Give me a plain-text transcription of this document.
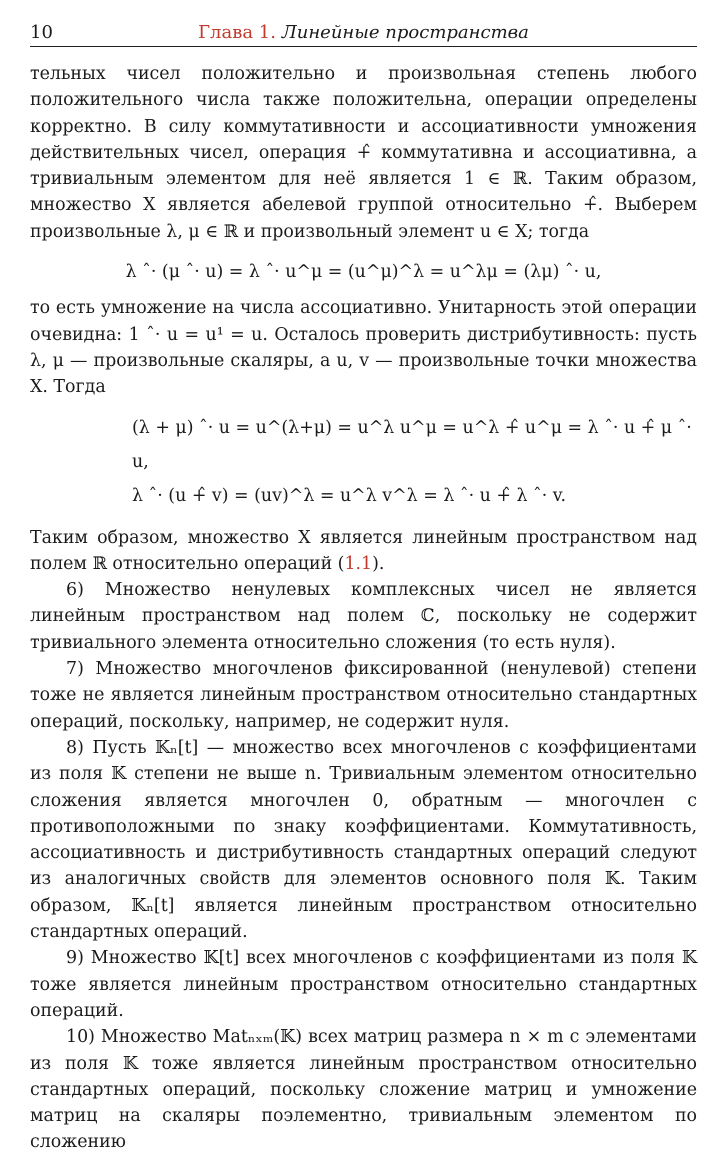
10	Глава 1. Линейные пространства

тельных чисел положительно и произвольная степень любого положительного числа также положительна, операции определены корректно. В силу коммутативности и ассоциативности умножения действительных чисел, операция +̂ коммутативна и ассоциативна, а тривиальным элементом для неё является 1 ∈ ℝ. Таким образом, множество X является абелевой группой относительно +̂. Выберем произвольные λ, μ ∈ ℝ и произвольный элемент u ∈ X; тогда

λ ˆ· (μ ˆ· u) = λ ˆ· u^μ = (u^μ)^λ = u^λμ = (λμ) ˆ· u,

то есть умножение на числа ассоциативно. Унитарность этой операции очевидна: 1 ˆ· u = u¹ = u. Осталось проверить дистрибутивность: пусть λ, μ — произвольные скаляры, а u, v — произвольные точки множества X. Тогда

(λ + μ) ˆ· u = u^(λ+μ) = u^λ u^μ = u^λ +̂ u^μ = λ ˆ· u +̂ μ ˆ· u,
λ ˆ· (u +̂ v) = (uv)^λ = u^λ v^λ = λ ˆ· u +̂ λ ˆ· v.

Таким образом, множество X является линейным пространством над полем ℝ относительно операций (1.1).

6) Множество ненулевых комплексных чисел не является линейным пространством над полем ℂ, поскольку не содержит тривиального элемента относительно сложения (то есть нуля).

7) Множество многочленов фиксированной (ненулевой) степени тоже не является линейным пространством относительно стандартных операций, поскольку, например, не содержит нуля.

8) Пусть 𝕂ₙ[t] — множество всех многочленов с коэффициентами из поля 𝕂 степени не выше n. Тривиальным элементом относительно сложения является многочлен 0, обратным — многочлен с противоположными по знаку коэффициентами. Коммутативность, ассоциативность и дистрибутивность стандартных операций следуют из аналогичных свойств для элементов основного поля 𝕂. Таким образом, 𝕂ₙ[t] является линейным пространством относительно стандартных операций.

9) Множество 𝕂[t] всех многочленов с коэффициентами из поля 𝕂 тоже является линейным пространством относительно стандартных операций.

10) Множество Matₙₓₘ(𝕂) всех матриц размера n × m с элементами из поля 𝕂 тоже является линейным пространством относительно стандартных операций, поскольку сложение матриц и умножение матриц на скаляры поэлементно, тривиальным элементом по сложению
